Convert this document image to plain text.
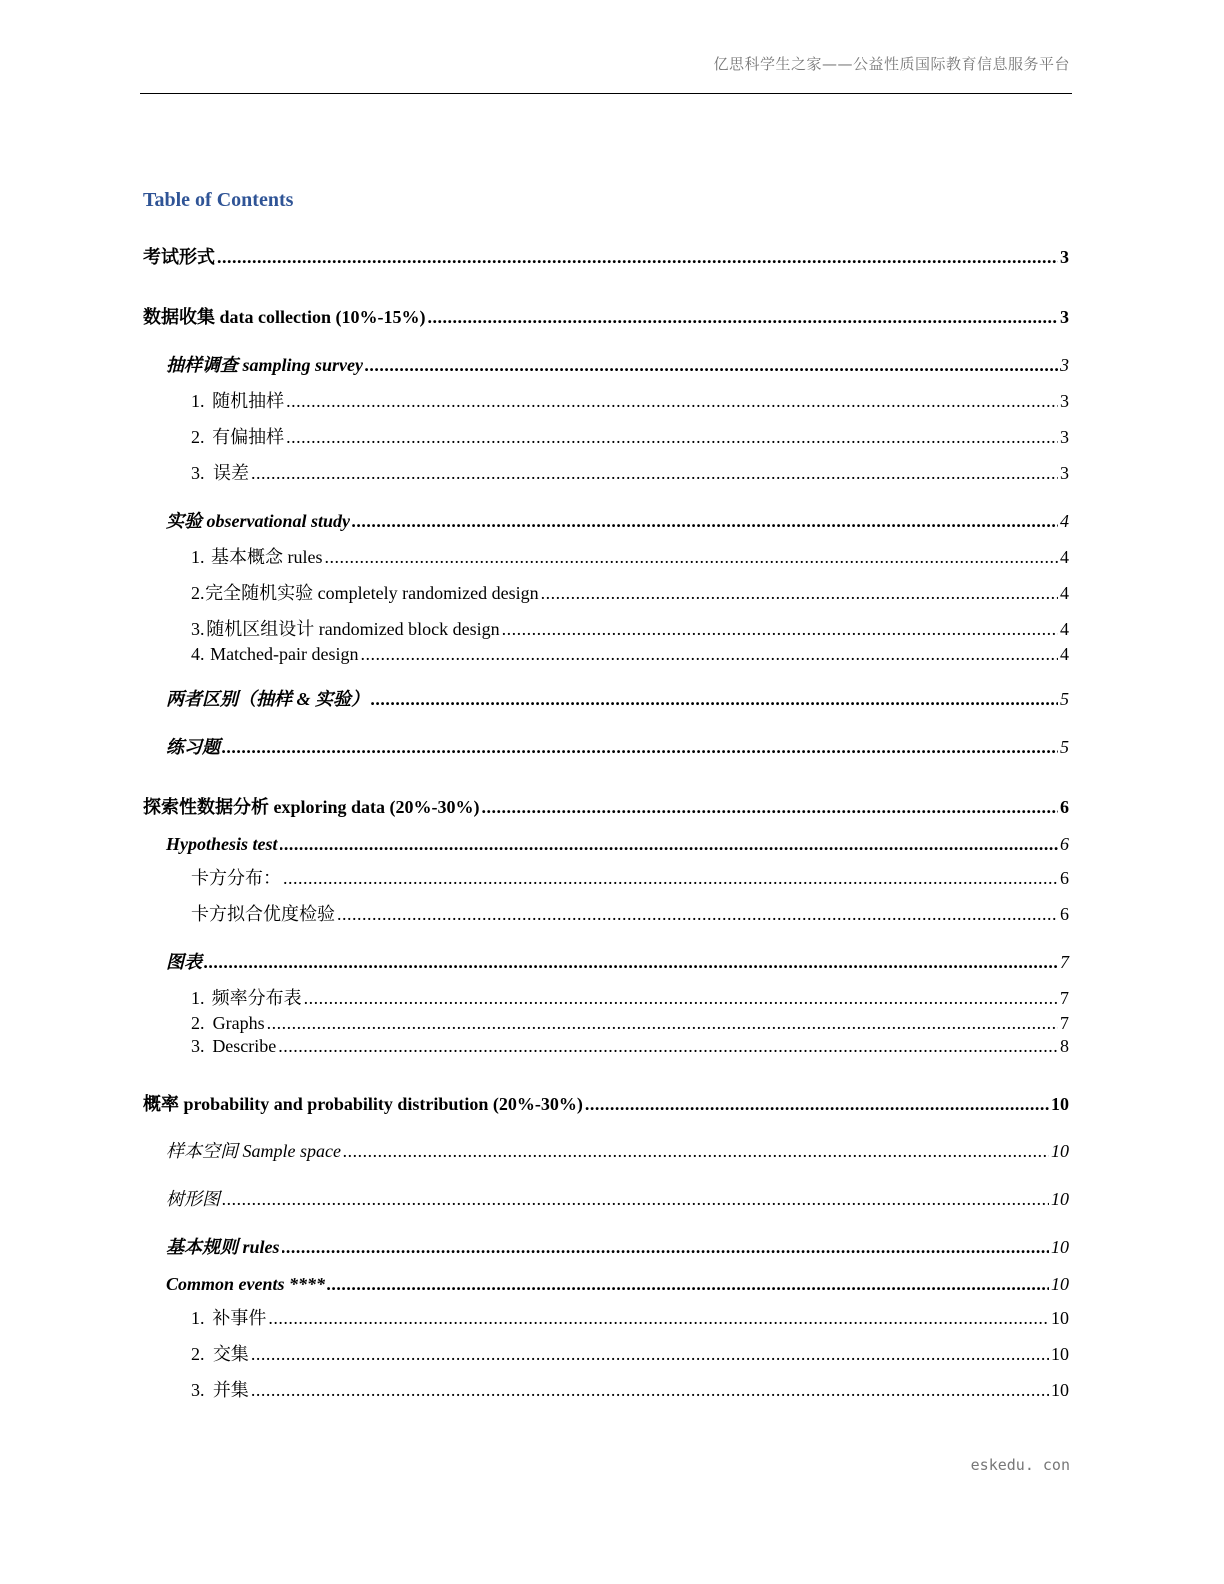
亿思科学生之家——公益性质国际教育信息服务平台
Table of Contents
考试形式 .....	3
数据收集 data collection (10%-15%) .....	3
抽样调查 sampling survey .....	3
1. 随机抽样 .....	3
2. 有偏抽样 .....	3
3. 误差 .....	3
实验 observational study .....	4
1. 基本概念 rules .....	4
2. 完全随机实验 completely randomized design .....	4
3. 随机区组设计 randomized block design .....	4
4. Matched-pair design .....	4
两者区别（抽样 & 实验） .....	5
练习题 .....	5
探索性数据分析 exploring data (20%-30%) .....	6
Hypothesis test .....	6
卡方分布： .....	6
卡方拟合优度检验 .....	6
图表 .....	7
1. 频率分布表 .....	7
2. Graphs .....	7
3. Describe .....	8
概率 probability and probability distribution (20%-30%) .....	10
样本空间 Sample space .....	10
树形图 .....	10
基本规则 rules .....	10
Common events **** .....	10
1. 补事件 .....	10
2. 交集 .....	10
3. 并集 .....	10
eskedu. con
